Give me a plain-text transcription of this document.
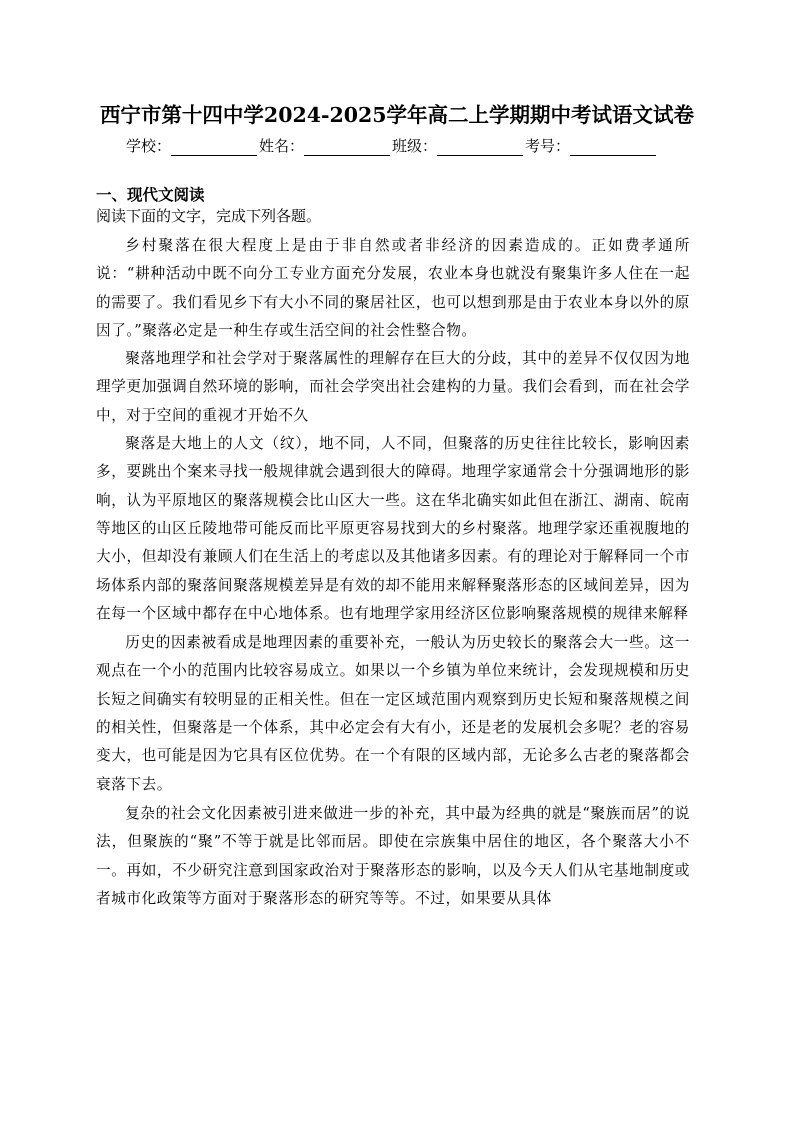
西宁市第十四中学2024-2025学年高二上学期期中考试语文试卷
学校：	姓名：	班级：	考号：
一、现代文阅读
阅读下面的文字，完成下列各题。

乡村聚落在很大程度上是由于非自然或者非经济的因素造成的。正如费孝通所说：“耕种活动中既不向分工专业方面充分发展，农业本身也就没有聚集许多人住在一起的需要了。我们看见乡下有大小不同的聚居社区，也可以想到那是由于农业本身以外的原因了。”聚落必定是一种生存或生活空间的社会性整合物。

聚落地理学和社会学对于聚落属性的理解存在巨大的分歧，其中的差异不仅仅因为地理学更加强调自然环境的影响，而社会学突出社会建构的力量。我们会看到，而在社会学中，对于空间的重视才开始不久

聚落是大地上的人文（纹），地不同，人不同，但聚落的历史往往比较长，影响因素多，要跳出个案来寻找一般规律就会遇到很大的障碍。地理学家通常会十分强调地形的影响，认为平原地区的聚落规模会比山区大一些。这在华北确实如此但在浙江、湖南、皖南等地区的山区丘陵地带可能反而比平原更容易找到大的乡村聚落。地理学家还重视腹地的大小，但却没有兼顾人们在生活上的考虑以及其他诸多因素。有的理论对于解释同一个市场体系内部的聚落间聚落规模差异是有效的却不能用来解释聚落形态的区域间差异，因为在每一个区域中都存在中心地体系。也有地理学家用经济区位影响聚落规模的规律来解释

历史的因素被看成是地理因素的重要补充，一般认为历史较长的聚落会大一些。这一观点在一个小的范围内比较容易成立。如果以一个乡镇为单位来统计，会发现规模和历史长短之间确实有较明显的正相关性。但在一定区域范围内观察到历史长短和聚落规模之间的相关性，但聚落是一个体系，其中必定会有大有小，还是老的发展机会多呢？老的容易变大，也可能是因为它具有区位优势。在一个有限的区域内部，无论多么古老的聚落都会衰落下去。

复杂的社会文化因素被引进来做进一步的补充，其中最为经典的就是“聚族而居”的说法，但聚族的“聚”不等于就是比邻而居。即使在宗族集中居住的地区，各个聚落大小不一。再如，不少研究注意到国家政治对于聚落形态的影响，以及今天人们从宅基地制度或者城市化政策等方面对于聚落形态的研究等等。不过，如果要从具体
